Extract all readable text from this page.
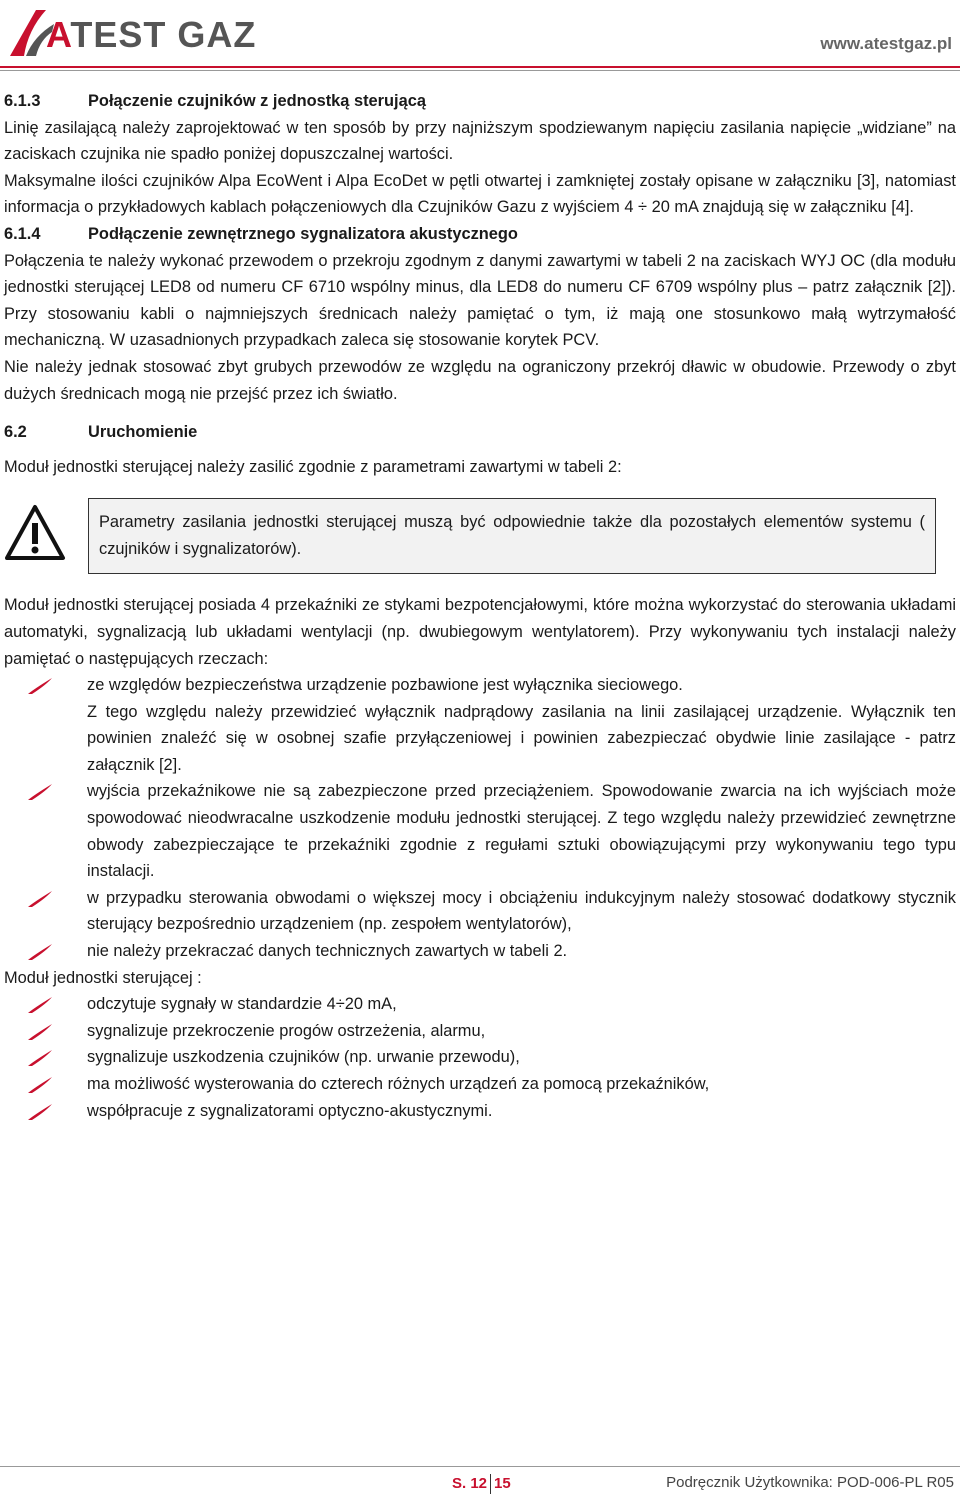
ATEST GAZ	www.atestgaz.pl
6.1.3	Połączenie czujników z jednostką sterującą

Linię zasilającą należy zaprojektować w ten sposób by przy najniższym spodziewanym napięciu zasilania napięcie „widziane” na zaciskach czujnika nie spadło poniżej dopuszczalnej wartości.

Maksymalne ilości czujników Alpa EcoWent i Alpa EcoDet w pętli otwartej i zamkniętej zostały opisane w załączniku [3], natomiast informacja o przykładowych kablach połączeniowych dla Czujników Gazu z wyjściem 4 ÷ 20 mA znajdują się w załączniku [4].

6.1.4	Podłączenie zewnętrznego sygnalizatora akustycznego

Połączenia te należy wykonać przewodem o przekroju zgodnym z danymi zawartymi w tabeli 2 na zaciskach WYJ OC (dla modułu jednostki sterującej LED8 od numeru CF 6710 wspólny minus, dla LED8 do numeru CF 6709 wspólny plus – patrz załącznik [2]). Przy stosowaniu kabli o najmniejszych średnicach należy pamiętać o tym, iż mają one stosunkowo małą wytrzymałość mechaniczną. W uzasadnionych przypadkach zaleca się stosowanie korytek PCV.

Nie należy jednak stosować zbyt grubych przewodów ze względu na ograniczony przekrój dławic w obudowie. Przewody o zbyt dużych średnicach mogą nie przejść przez ich światło.

6.2	Uruchomienie

Moduł jednostki sterującej należy zasilić zgodnie z parametrami zawartymi w tabeli 2:

Parametry zasilania jednostki sterującej muszą być odpowiednie także dla pozostałych elementów systemu ( czujników i sygnalizatorów).

Moduł jednostki sterującej posiada 4 przekaźniki ze stykami bezpotencjałowymi, które można wykorzystać do sterowania układami automatyki, sygnalizacją lub układami wentylacji (np. dwubiegowym wentylatorem). Przy wykonywaniu tych instalacji należy pamiętać o następujących rzeczach:

ze względów bezpieczeństwa urządzenie pozbawione jest wyłącznika sieciowego.
Z tego względu należy przewidzieć wyłącznik nadprądowy zasilania na linii zasilającej urządzenie. Wyłącznik ten powinien znaleźć się w osobnej szafie przyłączeniowej i powinien zabezpieczać obydwie linie zasilające - patrz załącznik [2].
wyjścia przekaźnikowe nie są zabezpieczone przed przeciążeniem. Spowodowanie zwarcia na ich wyjściach może spowodować nieodwracalne uszkodzenie modułu jednostki sterującej. Z tego względu należy przewidzieć zewnętrzne obwody zabezpieczające te przekaźniki zgodnie z regułami sztuki obowiązującymi przy wykonywaniu tego typu instalacji.
w przypadku sterowania obwodami o większej mocy i obciążeniu indukcyjnym należy stosować dodatkowy stycznik sterujący bezpośrednio urządzeniem (np. zespołem wentylatorów),
nie należy przekraczać danych technicznych zawartych w tabeli 2.

Moduł jednostki sterującej :

odczytuje sygnały w standardzie 4÷20 mA,
sygnalizuje przekroczenie progów ostrzeżenia, alarmu,
sygnalizuje uszkodzenia czujników (np. urwanie przewodu),
ma możliwość wysterowania do czterech różnych urządzeń za pomocą przekaźników,
współpracuje z sygnalizatorami optyczno-akustycznymi.
S. 12 15	Podręcznik Użytkownika: POD-006-PL R05
